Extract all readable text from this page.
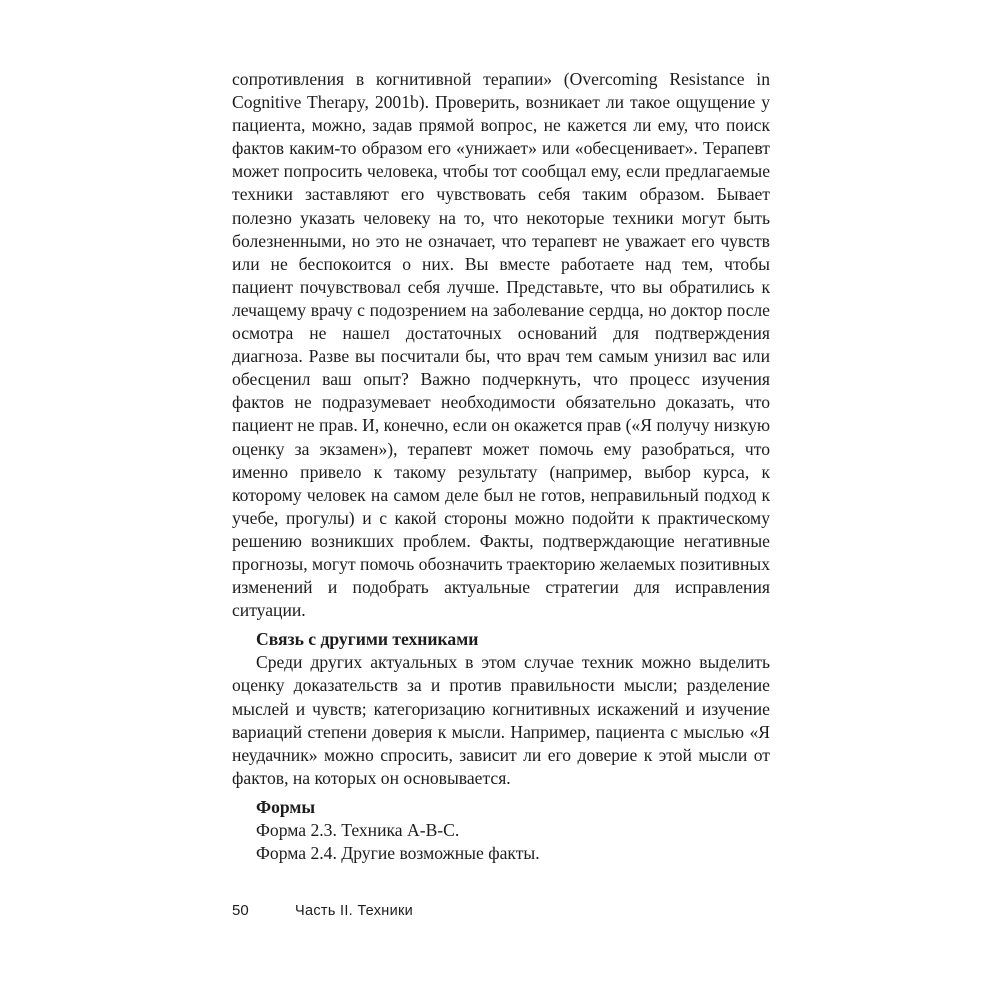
сопротивления в когнитивной терапии» (Overcoming Resistance in Cognitive Therapy, 2001b). Проверить, возникает ли такое ощущение у пациента, можно, задав прямой вопрос, не кажется ли ему, что поиск фактов каким-то образом его «унижает» или «обесценивает». Терапевт может попросить человека, чтобы тот сообщал ему, если предлагаемые техники заставляют его чувствовать себя таким образом. Бывает полезно указать человеку на то, что некоторые техники могут быть болезненными, но это не означает, что терапевт не уважает его чувств или не беспокоится о них. Вы вместе работаете над тем, чтобы пациент почувствовал себя лучше. Представьте, что вы обратились к лечащему врачу с подозрением на заболевание сердца, но доктор после осмотра не нашел достаточных оснований для подтверждения диагноза. Разве вы посчитали бы, что врач тем самым унизил вас или обесценил ваш опыт? Важно подчеркнуть, что процесс изучения фактов не подразумевает необходимости обязательно доказать, что пациент не прав. И, конечно, если он окажется прав («Я получу низкую оценку за экзамен»), терапевт может помочь ему разобраться, что именно привело к такому результату (например, выбор курса, к которому человек на самом деле был не готов, неправильный подход к учебе, прогулы) и с какой стороны можно подойти к практическому решению возникших проблем. Факты, подтверждающие негативные прогнозы, могут помочь обозначить траекторию желаемых позитивных изменений и подобрать актуальные стратегии для исправления ситуации.

Связь с другими техниками

Среди других актуальных в этом случае техник можно выделить оценку доказательств за и против правильности мысли; разделение мыслей и чувств; категоризацию когнитивных искажений и изучение вариаций степени доверия к мысли. Например, пациента с мыслью «Я неудачник» можно спросить, зависит ли его доверие к этой мысли от фактов, на которых он основывается.

Формы
Форма 2.3. Техника А-В-С.
Форма 2.4. Другие возможные факты.
50	Часть II. Техники
